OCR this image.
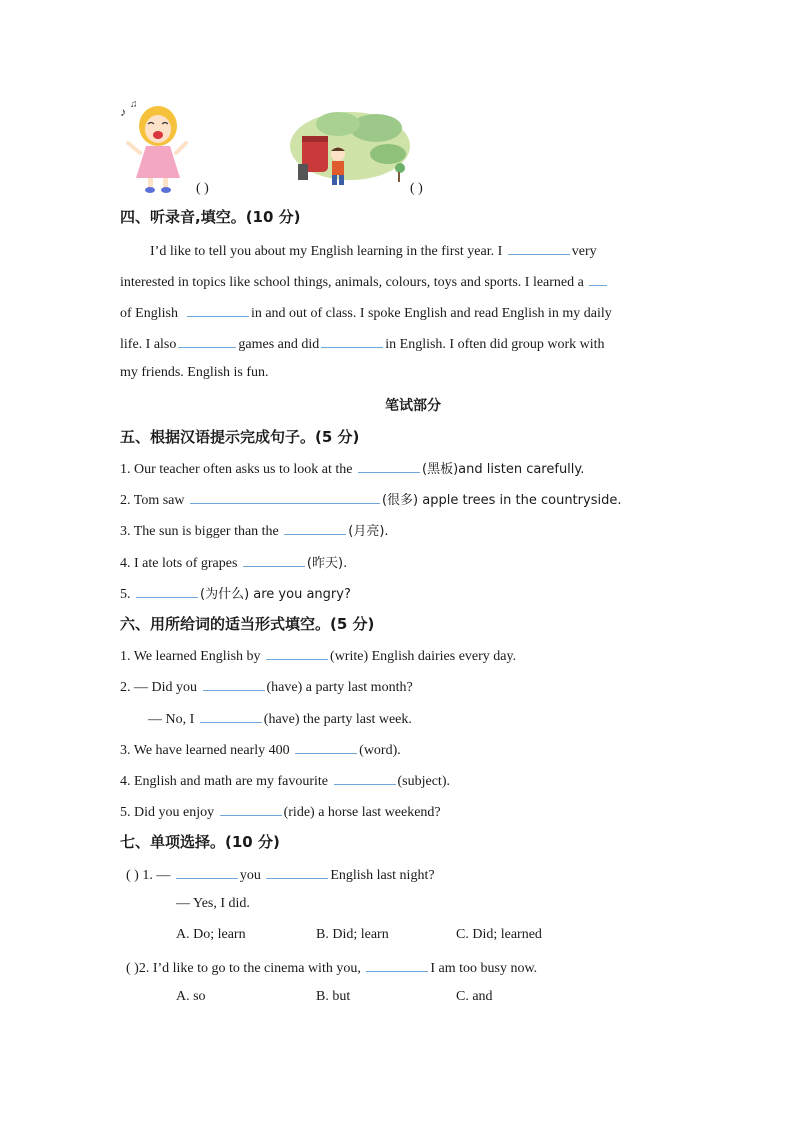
♪
♫
( )	( )
四、听录音,填空。(10 分)
I’d like to tell you about my English learning in the first year. I	very
interested in topics like school things, animals, colours, toys and sports. I learned a
of English	in and out of class. I spoke English and read English in my daily
life. I also	games and did	in English. I often did group work with
my friends. English is fun.
笔试部分
五、根据汉语提示完成句子。(5 分)
1. Our teacher often asks us to look at the	(黑板)and listen carefully.
2. Tom saw	(很多) apple trees in the countryside.
3. The sun is bigger than the	(月亮).
4. I ate lots of grapes	(昨天).
5.	(为什么) are you angry?
六、用所给词的适当形式填空。(5 分)
1. We learned English by	(write) English dairies every day.
2. — Did you	(have) a party last month?
— No, I	(have) the party last week.
3. We have learned nearly 400	(word).
4. English and math are my favourite	(subject).
5. Did you enjoy	(ride) a horse last weekend?
七、单项选择。(10 分)
( ) 1. —	you	English last night?
— Yes, I did.
A. Do; learn	B. Did; learn	C. Did; learned
( )2. I’d like to go to the cinema with you,	I am too busy now.
A. so	B. but	C. and
